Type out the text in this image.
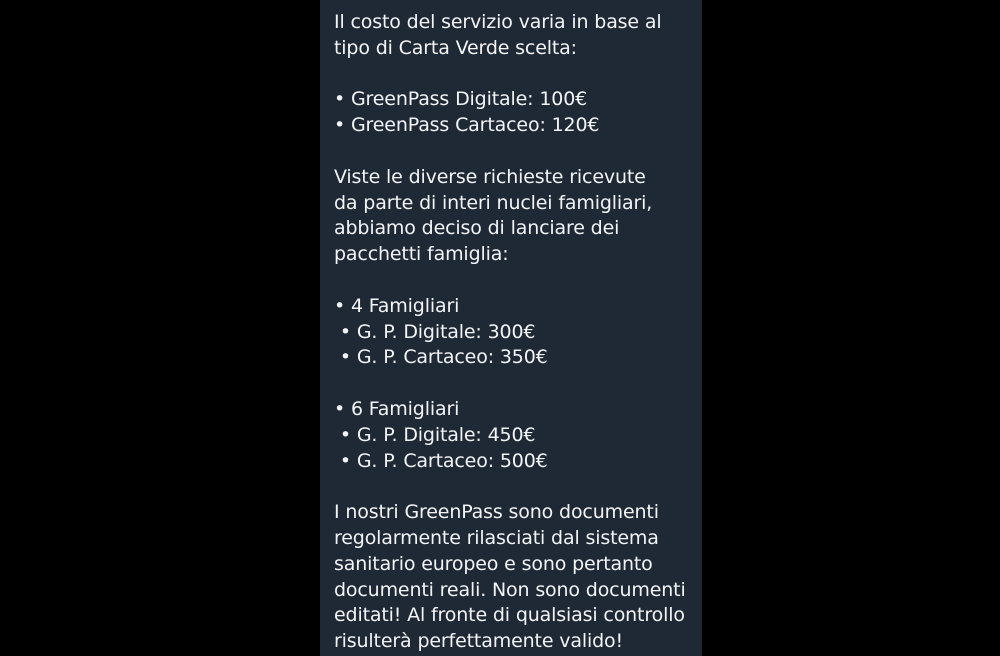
Il costo del servizio varia in base al
tipo di Carta Verde scelta:
• GreenPass Digitale: 100€
• GreenPass Cartaceo: 120€
Viste le diverse richieste ricevute
da parte di interi nuclei famigliari,
abbiamo deciso di lanciare dei
pacchetti famiglia:
• 4 Famigliari
• G. P. Digitale: 300€
• G. P. Cartaceo: 350€
• 6 Famigliari
• G. P. Digitale: 450€
• G. P. Cartaceo: 500€
I nostri GreenPass sono documenti
regolarmente rilasciati dal sistema
sanitario europeo e sono pertanto
documenti reali. Non sono documenti
editati! Al fronte di qualsiasi controllo
risulterà perfettamente valido!
